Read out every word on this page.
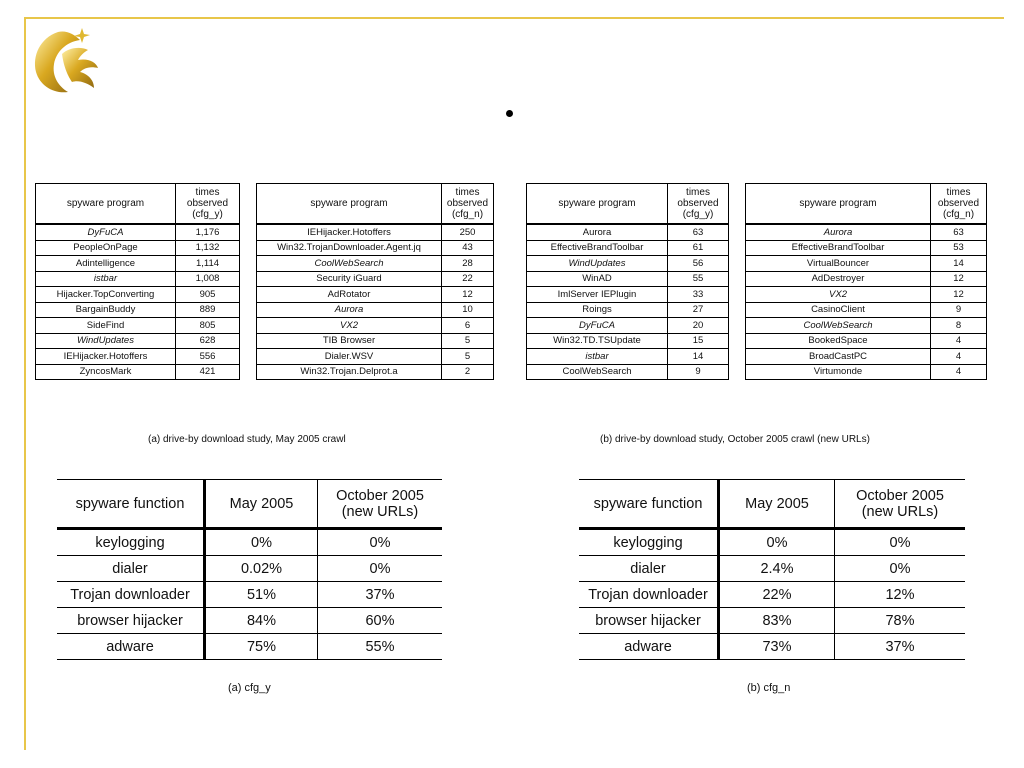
spyware program	times
observed
(cfg_y)
DyFuCA	1,176
PeopleOnPage	1,132
Adintelligence	1,114
istbar	1,008
Hijacker.TopConverting	905
BargainBuddy	889
SideFind	805
WindUpdates	628
IEHijacker.Hotoffers	556
ZyncosMark	421
spyware program	times
observed
(cfg_n)
IEHijacker.Hotoffers	250
Win32.TrojanDownloader.Agent.jq	43
CoolWebSearch	28
Security iGuard	22
AdRotator	12
Aurora	10
VX2	6
TIB Browser	5
Dialer.WSV	5
Win32.Trojan.Delprot.a	2
spyware program	times
observed
(cfg_y)
Aurora	63
EffectiveBrandToolbar	61
WindUpdates	56
WinAD	55
ImlServer IEPlugin	33
Roings	27
DyFuCA	20
Win32.TD.TSUpdate	15
istbar	14
CoolWebSearch	9
spyware program	times
observed
(cfg_n)
Aurora	63
EffectiveBrandToolbar	53
VirtualBouncer	14
AdDestroyer	12
VX2	12
CasinoClient	9
CoolWebSearch	8
BookedSpace	4
BroadCastPC	4
Virtumonde	4
(a) drive-by download study, May 2005 crawl	(b) drive-by download study, October 2005 crawl (new URLs)
spyware function	May 2005	October 2005
(new URLs)
keylogging	0%	0%
dialer	0.02%	0%
Trojan downloader	51%	37%
browser hijacker	84%	60%
adware	75%	55%
spyware function	May 2005	October 2005
(new URLs)
keylogging	0%	0%
dialer	2.4%	0%
Trojan downloader	22%	12%
browser hijacker	83%	78%
adware	73%	37%
(a) cfg_y	(b) cfg_n
